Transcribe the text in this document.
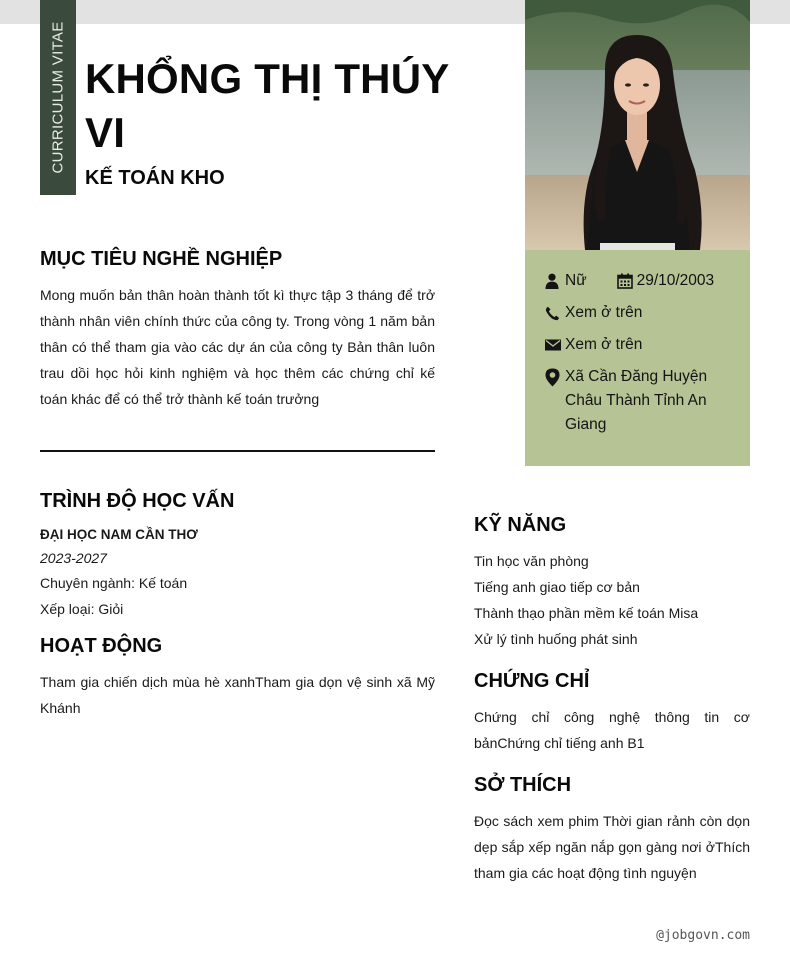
CURRICULUM VITAE KHỔNG THỊ THÚY VI
KẾ TOÁN KHO
Nữ	29/10/2003
Xem ở trên
Xem ở trên
Xã Cần Đăng Huyện Châu Thành Tỉnh An Giang
MỤC TIÊU NGHỀ NGHIỆP
Mong muốn bản thân hoàn thành tốt kì thực tập 3 tháng để trở thành nhân viên chính thức của công ty. Trong vòng 1 năm bản thân có thể tham gia vào các dự án của công ty Bản thân luôn trau dồi học hỏi kinh nghiệm và học thêm các chứng chỉ kế toán khác để có thể trở thành kế toán trưởng
TRÌNH ĐỘ HỌC VẤN
ĐẠI HỌC NAM CẦN THƠ
2023-2027
Chuyên ngành: Kế toán
Xếp loại: Giỏi
HOẠT ĐỘNG
Tham gia chiến dịch mùa hè xanhTham gia dọn vệ sinh xã Mỹ Khánh
KỸ NĂNG
Tin học văn phòng
Tiếng anh giao tiếp cơ bản
Thành thạo phần mềm kế toán Misa
Xử lý tình huống phát sinh
CHỨNG CHỈ
Chứng chỉ công nghệ thông tin cơ bảnChứng chỉ tiếng anh B1
SỞ THÍCH
Đọc sách xem phim Thời gian rảnh còn dọn dẹp sắp xếp ngăn nắp gọn gàng nơi ởThích tham gia các hoạt động tình nguyện
@jobgovn.com
